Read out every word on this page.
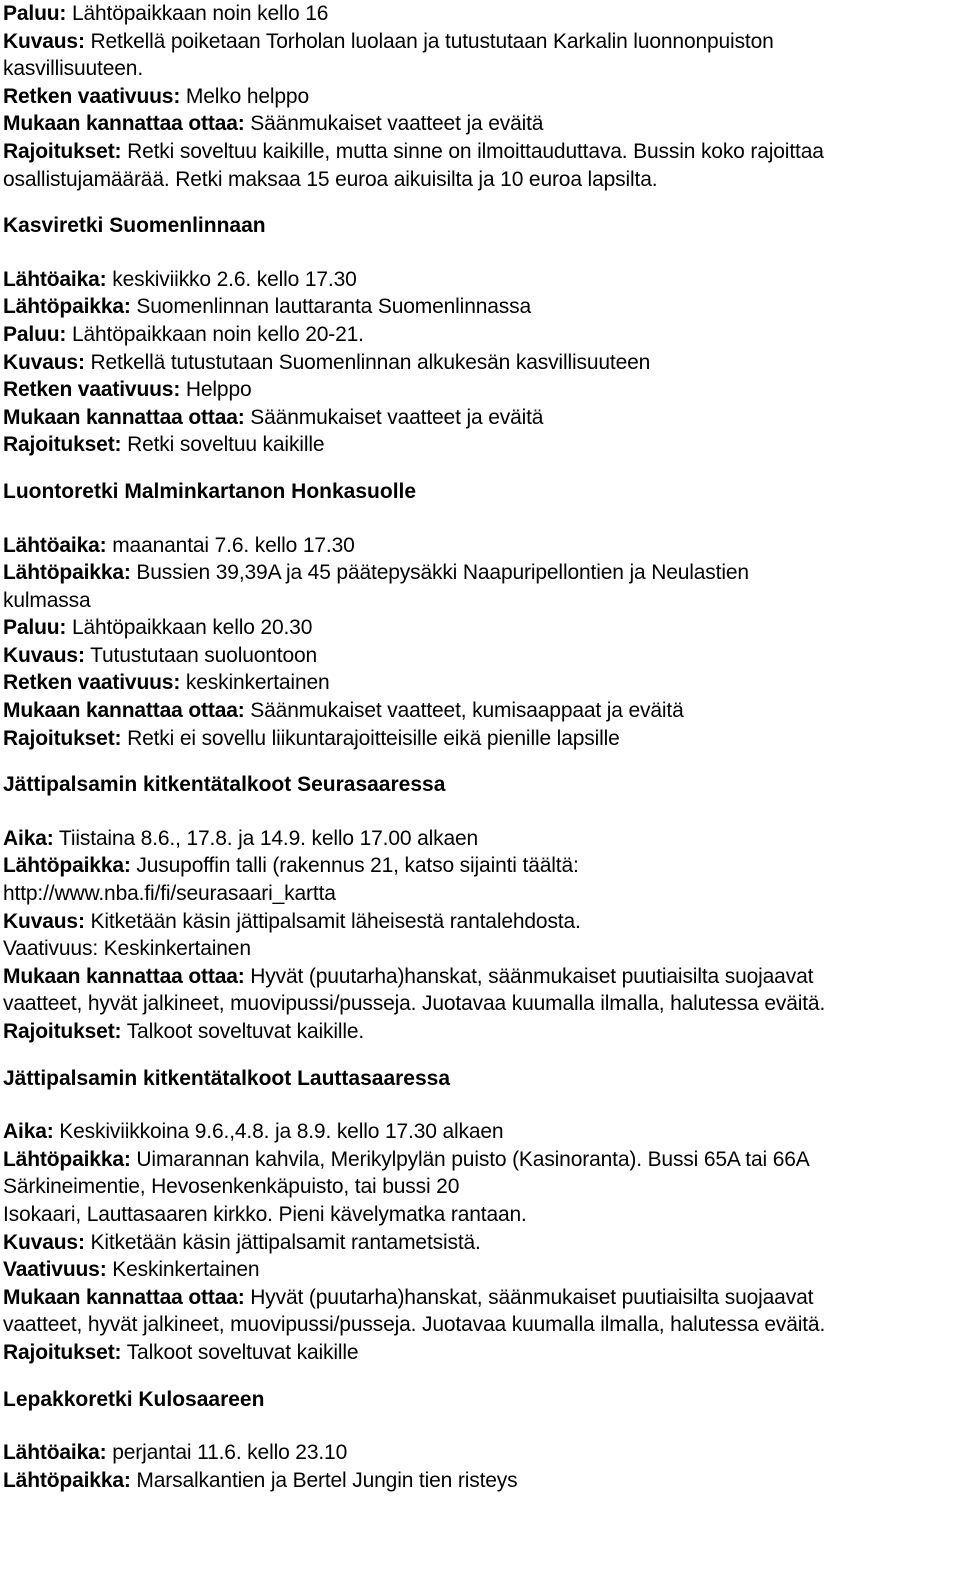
Paluu: Lähtöpaikkaan noin kello 16
Kuvaus: Retkellä poiketaan Torholan luolaan ja tutustutaan Karkalin luonnonpuiston
kasvillisuuteen.
Retken vaativuus: Melko helppo
Mukaan kannattaa ottaa: Säänmukaiset vaatteet ja eväitä
Rajoitukset: Retki soveltuu kaikille, mutta sinne on ilmoittauduttava. Bussin koko rajoittaa
osallistujamäärää. Retki maksaa 15 euroa aikuisilta ja 10 euroa lapsilta.
Kasviretki Suomenlinnaan
Lähtöaika: keskiviikko 2.6. kello 17.30
Lähtöpaikka: Suomenlinnan lauttaranta Suomenlinnassa
Paluu: Lähtöpaikkaan noin kello 20-21.
Kuvaus: Retkellä tutustutaan Suomenlinnan alkukesän kasvillisuuteen
Retken vaativuus: Helppo
Mukaan kannattaa ottaa: Säänmukaiset vaatteet ja eväitä
Rajoitukset: Retki soveltuu kaikille
Luontoretki Malminkartanon Honkasuolle
Lähtöaika: maanantai 7.6. kello 17.30
Lähtöpaikka: Bussien 39,39A ja 45 päätepysäkki Naapuripellontien ja Neulastien
kulmassa
Paluu: Lähtöpaikkaan kello 20.30
Kuvaus: Tutustutaan suoluontoon
Retken vaativuus: keskinkertainen
Mukaan kannattaa ottaa: Säänmukaiset vaatteet, kumisaappaat ja eväitä
Rajoitukset: Retki ei sovellu liikuntarajoitteisille eikä pienille lapsille
Jättipalsamin kitkentätalkoot Seurasaaressa
Aika: Tiistaina 8.6., 17.8. ja 14.9. kello 17.00 alkaen
Lähtöpaikka: Jusupoffin talli (rakennus 21, katso sijainti täältä:
http://www.nba.fi/fi/seurasaari_kartta
Kuvaus: Kitketään käsin jättipalsamit läheisestä rantalehdosta.
Vaativuus: Keskinkertainen
Mukaan kannattaa ottaa: Hyvät (puutarha)hanskat, säänmukaiset puutiaisilta suojaavat
vaatteet, hyvät jalkineet, muovipussi/pusseja. Juotavaa kuumalla ilmalla, halutessa eväitä.
Rajoitukset: Talkoot soveltuvat kaikille.
Jättipalsamin kitkentätalkoot Lauttasaaressa
Aika: Keskiviikkoina 9.6.,4.8. ja 8.9. kello 17.30 alkaen
Lähtöpaikka: Uimarannan kahvila, Merikylpylän puisto (Kasinoranta). Bussi 65A tai 66A
Särkineimentie, Hevosenkenkäpuisto, tai bussi 20
Isokaari, Lauttasaaren kirkko. Pieni kävelymatka rantaan.
Kuvaus: Kitketään käsin jättipalsamit rantametsistä.
Vaativuus: Keskinkertainen
Mukaan kannattaa ottaa: Hyvät (puutarha)hanskat, säänmukaiset puutiaisilta suojaavat
vaatteet, hyvät jalkineet, muovipussi/pusseja. Juotavaa kuumalla ilmalla, halutessa eväitä.
Rajoitukset: Talkoot soveltuvat kaikille
Lepakkoretki Kulosaareen
Lähtöaika: perjantai 11.6. kello 23.10
Lähtöpaikka: Marsalkantien ja Bertel Jungin tien risteys
